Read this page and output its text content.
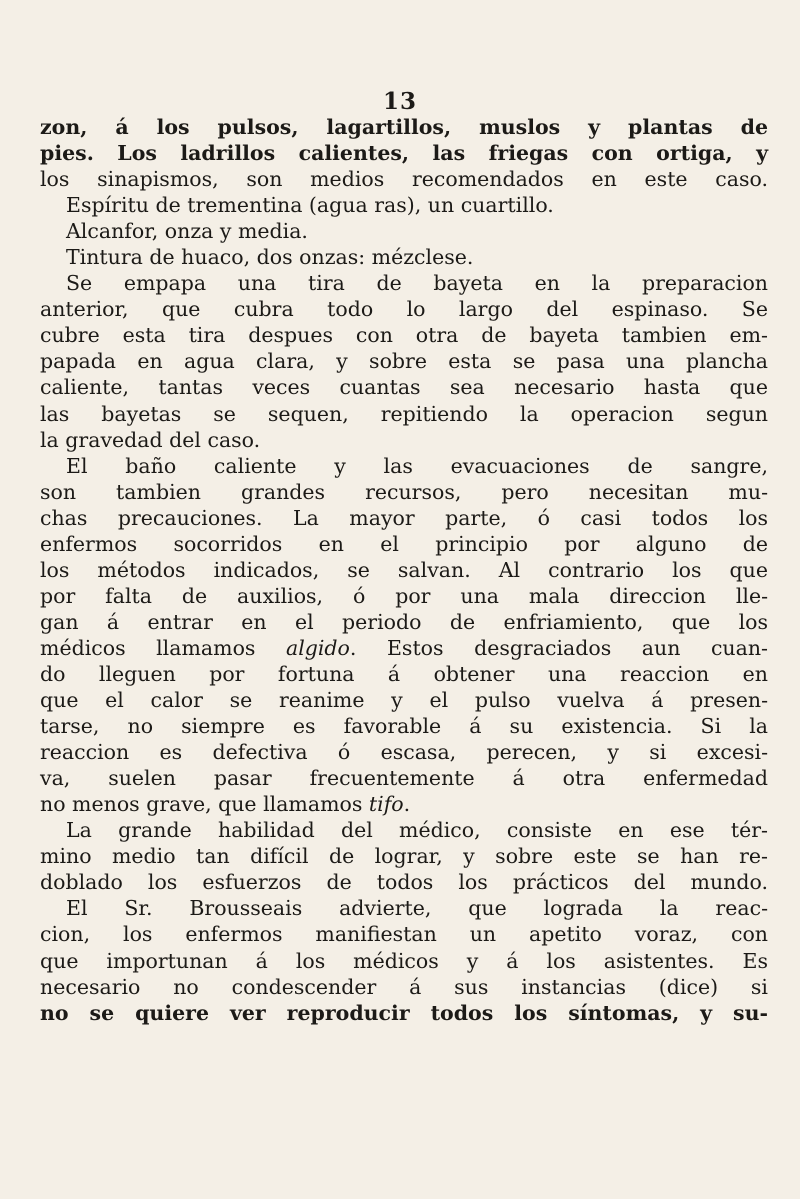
13
zon, á los pulsos, lagartillos, muslos y plantas de
pies. Los ladrillos calientes, las friegas con ortiga, y
los sinapismos, son medios recomendados en este caso.
Espíritu de trementina (agua ras), un cuartillo.
Alcanfor, onza y media.
Tintura de huaco, dos onzas: mézclese.
Se empapa una tira de bayeta en la preparacion
anterior, que cubra todo lo largo del espinaso. Se
cubre esta tira despues con otra de bayeta tambien em-
papada en agua clara, y sobre esta se pasa una plancha
caliente, tantas veces cuantas sea necesario hasta que
las bayetas se sequen, repitiendo la operacion segun
la gravedad del caso.
El baño caliente y las evacuaciones de sangre,
son tambien grandes recursos, pero necesitan mu-
chas precauciones. La mayor parte, ó casi todos los
enfermos socorridos en el principio por alguno de
los métodos indicados, se salvan. Al contrario los que
por falta de auxilios, ó por una mala direccion lle-
gan á entrar en el periodo de enfriamiento, que los
médicos llamamos algido. Estos desgraciados aun cuan-
do lleguen por fortuna á obtener una reaccion en
que el calor se reanime y el pulso vuelva á presen-
tarse, no siempre es favorable á su existencia. Si la
reaccion es defectiva ó escasa, perecen, y si excesi-
va, suelen pasar frecuentemente á otra enfermedad
no menos grave, que llamamos tifo.
La grande habilidad del médico, consiste en ese tér-
mino medio tan difícil de lograr, y sobre este se han re-
doblado los esfuerzos de todos los prácticos del mundo.
El Sr. Brousseais advierte, que lograda la reac-
cion, los enfermos manifiestan un apetito voraz, con
que importunan á los médicos y á los asistentes. Es
necesario no condescender á sus instancias (dice) si
no se quiere ver reproducir todos los síntomas, y su-
